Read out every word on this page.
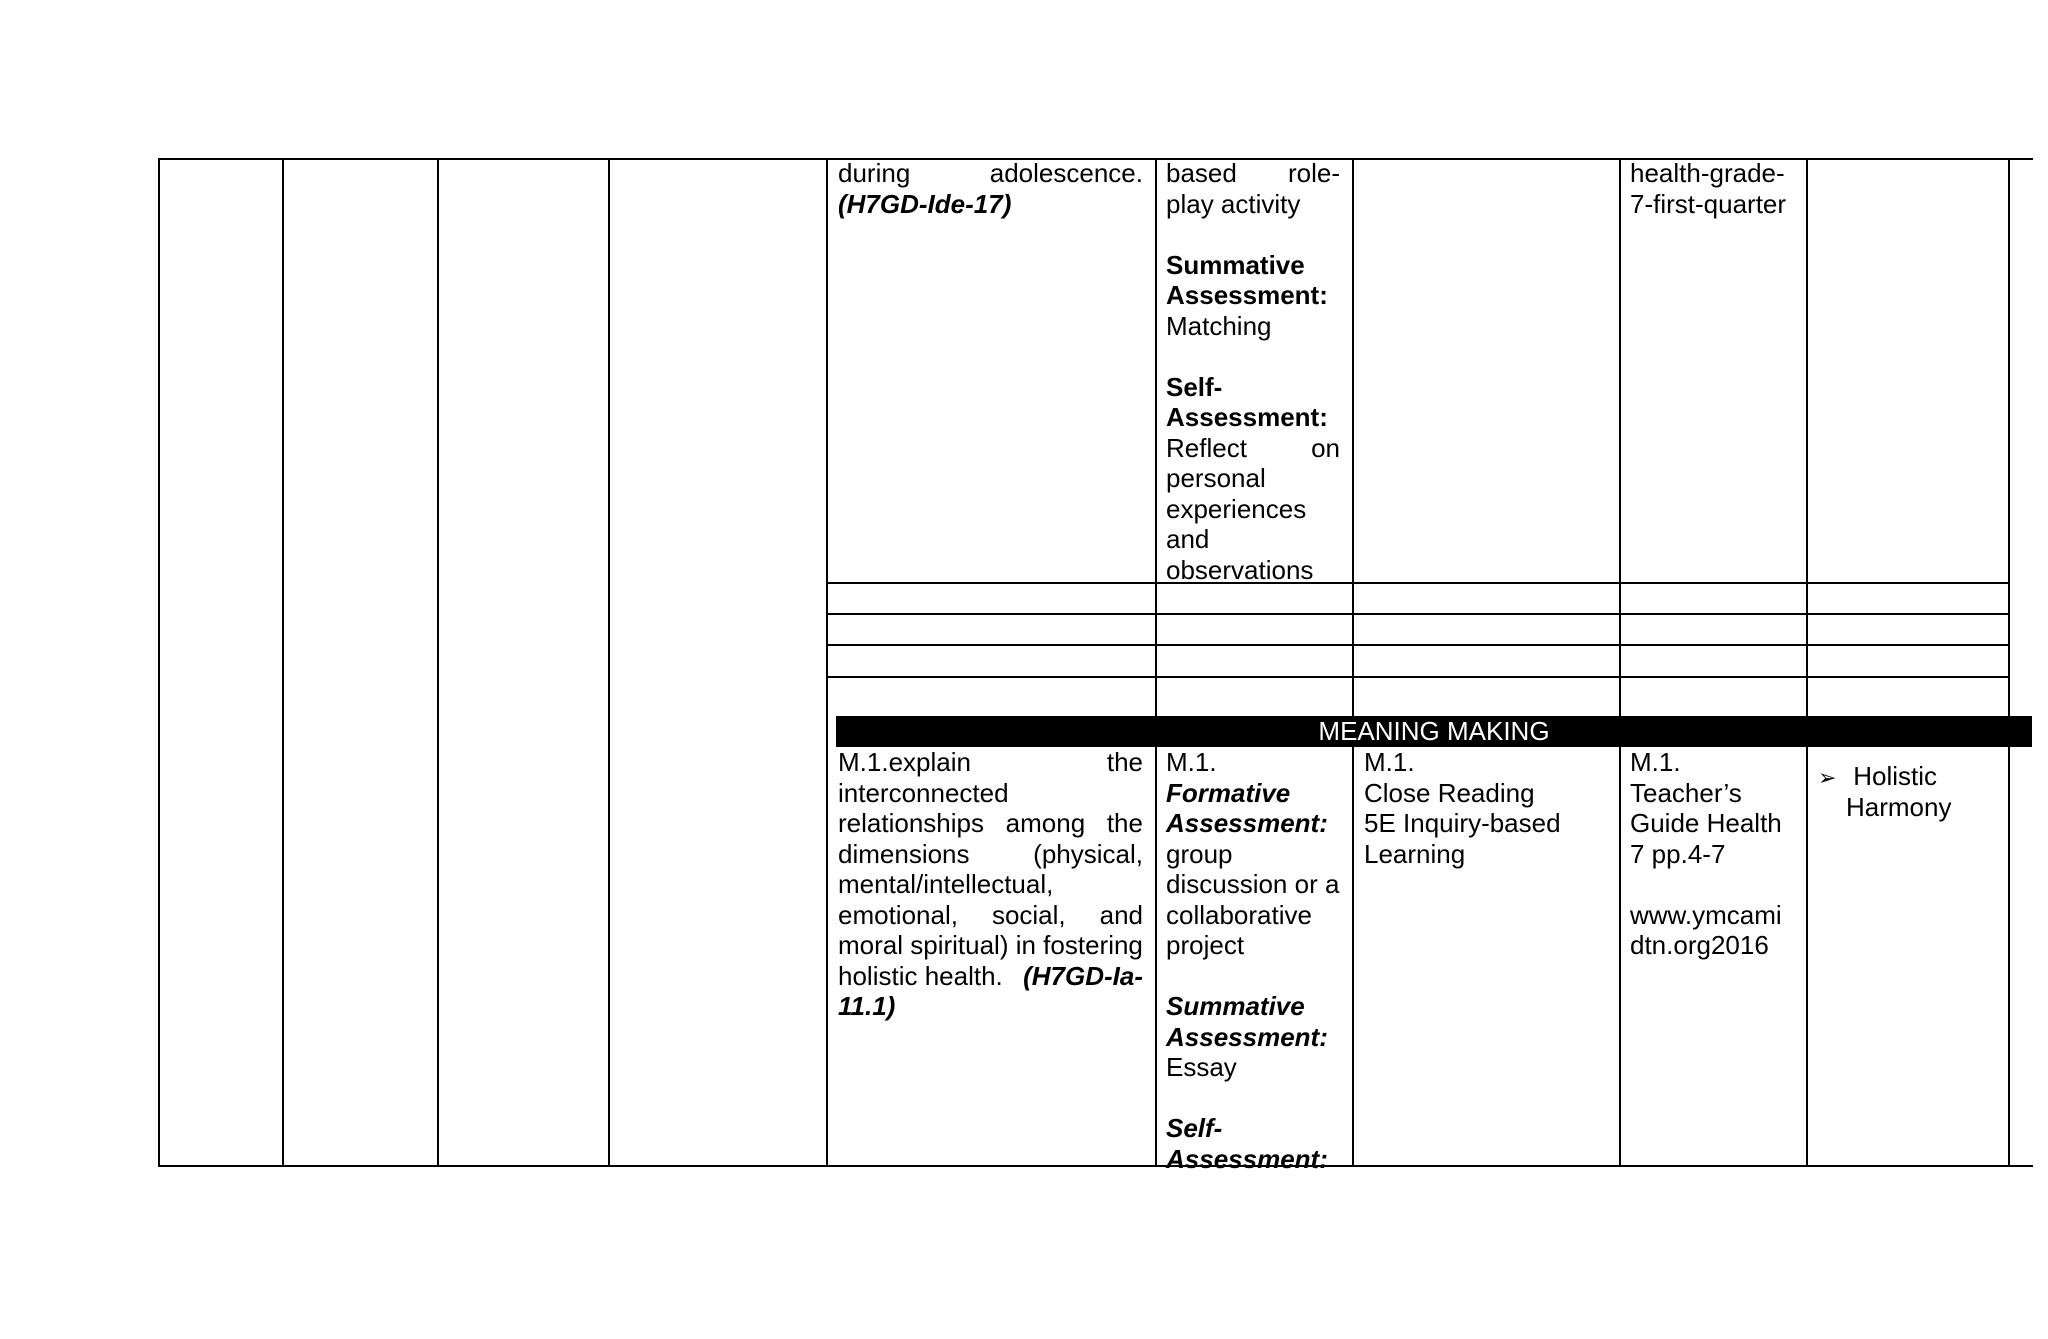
during	adolescence.
(H7GD-Ide-17)
based role-
play activity
Summative
Assessment:
Matching
Self-
Assessment:
Reflect on
personal
experiences
and
observations
health-grade-
7-first-quarter
MEANING MAKING
M.1.explain	the
interconnected
relationships among the
dimensions (physical,
mental/intellectual,
emotional, social, and
moral spiritual) in fostering
holistic health. (H7GD-Ia-
11.1)
M.1.
Formative
Assessment:
group
discussion or a
collaborative
project
Summative
Assessment:
Essay
Self-
Assessment:
M.1.
Close Reading
5E Inquiry-based
Learning
M.1.
Teacher’s
Guide Health
7 pp.4-7
www.ymcami
dtn.org2016
➢ Holistic
Harmony
